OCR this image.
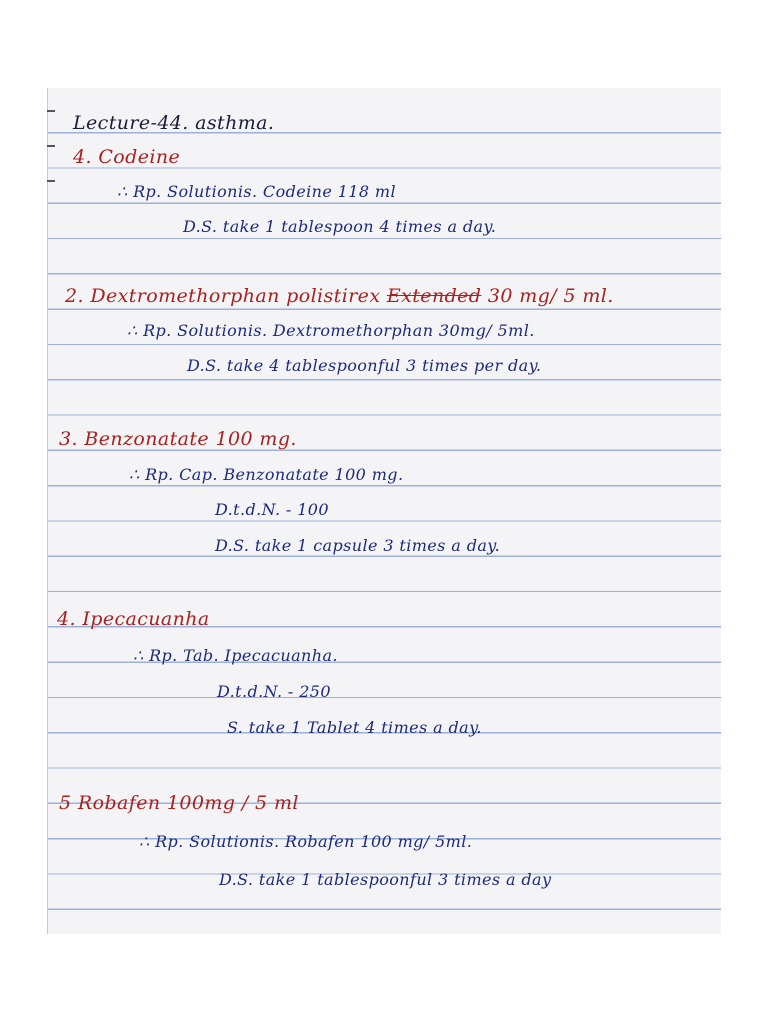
Lecture-44. asthma.
4. Codeine
∴ Rp. Solutionis. Codeine 118 ml
D.S. take 1 tablespoon 4 times a day.
2. Dextromethorphan polistirex Extended 30 mg/ 5 ml.
∴ Rp. Solutionis. Dextromethorphan 30mg/ 5ml.
D.S. take 4 tablespoonful 3 times per day.
3. Benzonatate 100 mg.
∴ Rp. Cap. Benzonatate 100 mg.
D.t.d.N. - 100
D.S. take 1 capsule 3 times a day.
4. Ipecacuanha
∴ Rp. Tab. Ipecacuanha.
D.t.d.N. - 250
S. take 1 Tablet 4 times a day.
5 Robafen 100mg / 5 ml
∴ Rp. Solutionis. Robafen 100 mg/ 5ml.
D.S. take 1 tablespoonful 3 times a day
